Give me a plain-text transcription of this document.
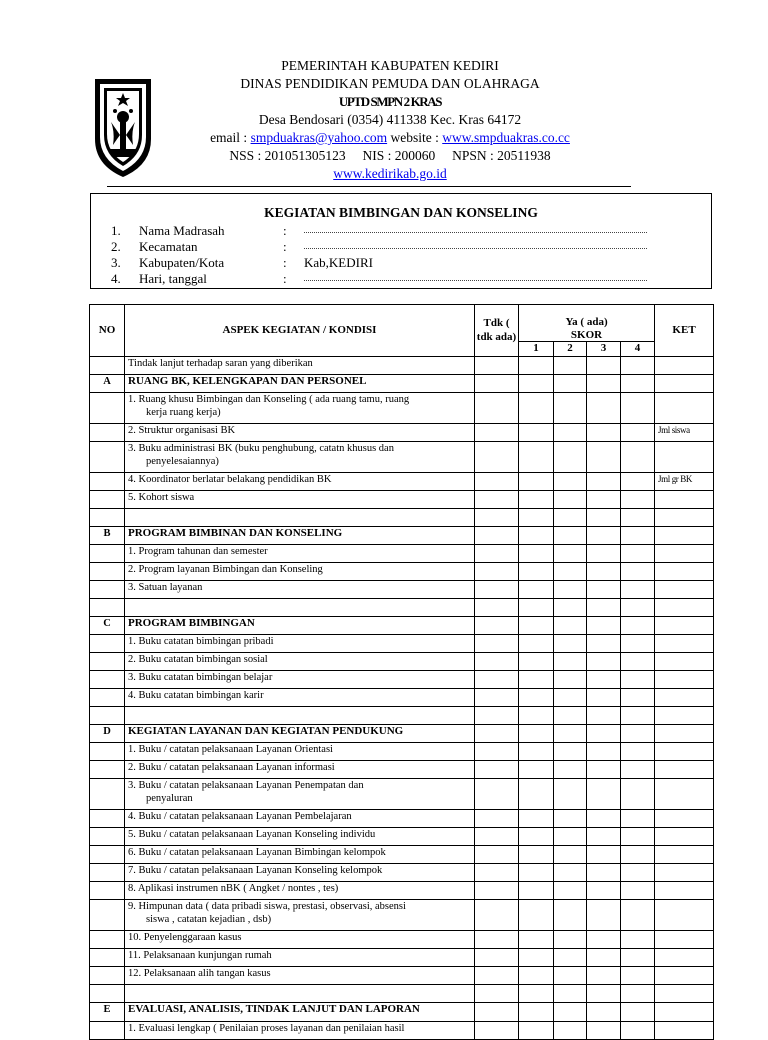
PEMERINTAH KABUPATEN KEDIRI
DINAS PENDIDIKAN PEMUDA DAN OLAHRAGA
UPTD SMPN 2 KRAS
Desa Bendosari (0354) 411338 Kec. Kras 64172
email : smpduakras@yahoo.com website : www.smpduakras.co.cc
NSS : 201051305123     NIS : 200060     NPSN : 20511938
www.kedirikab.go.id
KEGIATAN BIMBINGAN DAN KONSELING
1. Nama Madrasah	:
2. Kecamatan	:
3. Kabupaten/Kota	: Kab,KEDIRI
4. Hari, tanggal	:
NO	ASPEK KEGIATAN / KONDISI	Tdk ( tdk ada)	Ya ( ada)				KET
			SKOR				
			1	2	3	4	
	Tindak lanjut terhadap saran yang diberikan						
A	RUANG BK, KELENGKAPAN DAN PERSONEL						
	1. Ruang khusu Bimbingan dan Konseling ( ada ruang tamu, ruang
kerja ruang kerja)						

	2. Struktur organisasi BK						Jml siswa
	3. Buku administrasi BK (buku penghubung, catatn khusus dan
penyelesaiannya)						

	4. Koordinator berlatar belakang pendidikan BK						Jml gr BK
	5. Kohort siswa						

B	PROGRAM BIMBINAN DAN KONSELING						
	1. Program tahunan dan semester						
	2. Program layanan Bimbingan dan Konseling						
	3. Satuan layanan						

C	PROGRAM BIMBINGAN						
	1. Buku catatan bimbingan pribadi						
	2. Buku catatan bimbingan sosial						
	3. Buku catatan bimbingan belajar						
	4. Buku catatan bimbingan karir						

D	KEGIATAN LAYANAN DAN KEGIATAN PENDUKUNG						
	1. Buku / catatan pelaksanaan Layanan Orientasi						
	2. Buku / catatan pelaksanaan Layanan informasi						
	3. Buku / catatan pelaksanaan Layanan Penempatan dan
penyaluran						

	4. Buku / catatan pelaksanaan Layanan Pembelajaran						
	5. Buku / catatan pelaksanaan Layanan Konseling individu						
	6. Buku / catatan pelaksanaan Layanan Bimbingan kelompok						
	7. Buku / catatan pelaksanaan Layanan Konseling kelompok						
	8. Aplikasi instrumen nBK ( Angket / nontes , tes)						
	9. Himpunan data ( data pribadi siswa, prestasi, observasi, absensi
siswa , catatan kejadian , dsb)						

	10. Penyelenggaraan kasus						
	11. Pelaksanaan kunjungan rumah						
	12. Pelaksanaan alih tangan kasus						

E	EVALUASI, ANALISIS, TINDAK LANJUT DAN LAPORAN						
	1. Evaluasi lengkap ( Penilaian proses layanan dan penilaian hasil						
